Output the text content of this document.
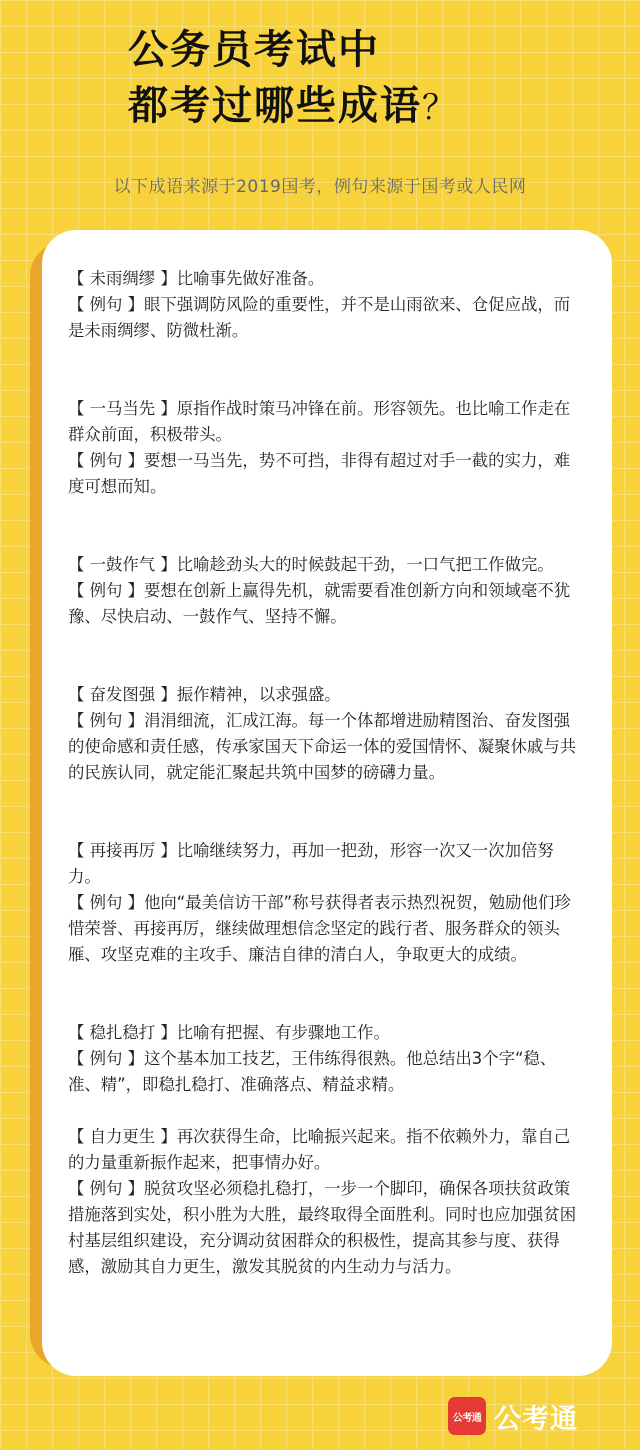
公务员考试中
都考过哪些成语？
以下成语来源于2019国考，例句来源于国考或人民网

【 未雨绸缪 】比喻事先做好准备。

【 例句 】眼下强调防风险的重要性，并不是山雨欲来、仓促应战，而是未雨绸缪、防微杜渐。

【 一马当先 】原指作战时策马冲锋在前。形容领先。也比喻工作走在群众前面，积极带头。

【 例句 】要想一马当先，势不可挡，非得有超过对手一截的实力，难度可想而知。

【 一鼓作气 】比喻趁劲头大的时候鼓起干劲，一口气把工作做完。

【 例句 】要想在创新上赢得先机，就需要看准创新方向和领域毫不犹豫、尽快启动、一鼓作气、坚持不懈。

【 奋发图强 】振作精神，以求强盛。

【 例句 】涓涓细流，汇成江海。每一个体都增进励精图治、奋发图强的使命感和责任感，传承家国天下命运一体的爱国情怀、凝聚休戚与共的民族认同，就定能汇聚起共筑中国梦的磅礴力量。

【 再接再厉 】比喻继续努力，再加一把劲，形容一次又一次加倍努力。

【 例句 】他向“最美信访干部”称号获得者表示热烈祝贺，勉励他们珍惜荣誉、再接再厉，继续做理想信念坚定的践行者、服务群众的领头雁、攻坚克难的主攻手、廉洁自律的清白人，争取更大的成绩。

【 稳扎稳打 】比喻有把握、有步骤地工作。

【 例句 】这个基本加工技艺，王伟练得很熟。他总结出3个字“稳、准、精”，即稳扎稳打、准确落点、精益求精。

【 自力更生 】再次获得生命，比喻振兴起来。指不依赖外力，靠自己的力量重新振作起来，把事情办好。

【 例句 】脱贫攻坚必须稳扎稳打，一步一个脚印，确保各项扶贫政策措施落到实处，积小胜为大胜，最终取得全面胜利。同时也应加强贫困村基层组织建设，充分调动贫困群众的积极性，提高其参与度、获得感，激励其自力更生，激发其脱贫的内生动力与活力。

公考通 公考通
